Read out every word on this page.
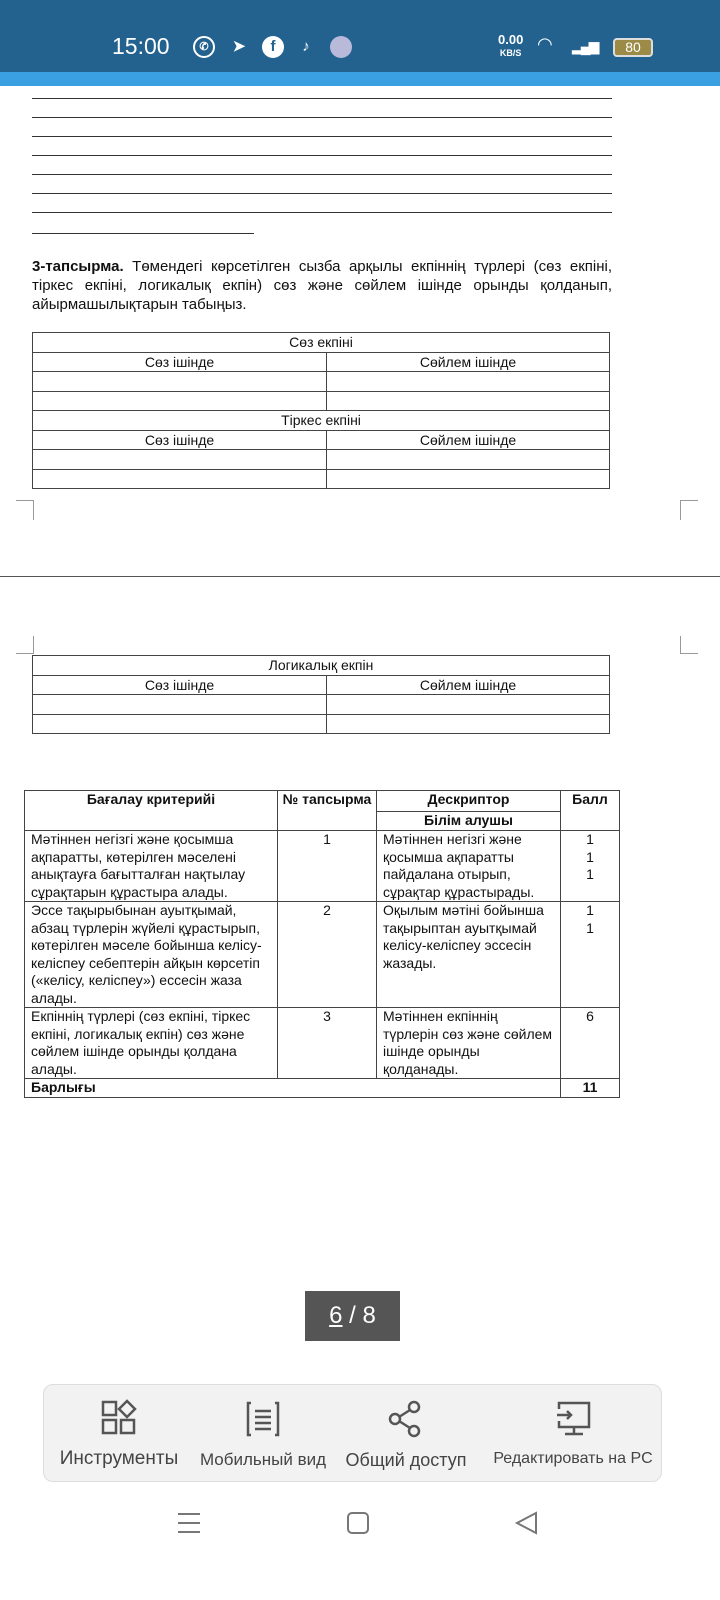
15:00	✆	➤	f	♪	0.00
KB/S ◠ ▂▄▆	80

3-тапсырма. Төмендегі көрсетілген сызба арқылы екпіннің түрлері (сөз екпіні, тіркес екпіні, логикалық екпін) сөз және сөйлем ішінде орынды қолданып, айырмашылықтарын табыңыз.

Сөз екпіні	
Сөз ішінде	Сөйлем ішінде

Тіркес екпіні	
Сөз ішінде	Сөйлем ішінде

Логикалық екпін	
Сөз ішінде	Сөйлем ішінде

Бағалау критерийі	№ тапсырма	Дескриптор	Балл
		Білім алушы	
Мәтіннен негізгі және қосымша ақпаратты, көтерілген мәселені анықтауға бағытталған нақтылау сұрақтарын құрастыра алады.	1	Мәтіннен негізгі және қосымша ақпаратты пайдалана отырып, сұрақтар құрастырады.	1
1
1
Эссе тақырыбынан ауытқымай, абзац түрлерін жүйелі құрастырып, көтерілген мәселе бойынша келісу-келіспеу себептерін айқын көрсетіп («келісу, келіспеу») ессесін жаза алады.	2	Оқылым мәтіні бойынша тақырыптан ауытқымай келісу-келіспеу эссесін жазады.	1
1
Екпіннің түрлері (сөз екпіні, тіркес екпіні, логикалық екпін) сөз және сөйлем ішінде орынды қолдана алады.	3	Мәтіннен екпіннің түрлерін сөз және сөйлем ішінде орынды қолданады.	6
Барлығы			11
6 / 8
Инструменты	Мобильный вид	Общий доступ	Редактировать на PC
